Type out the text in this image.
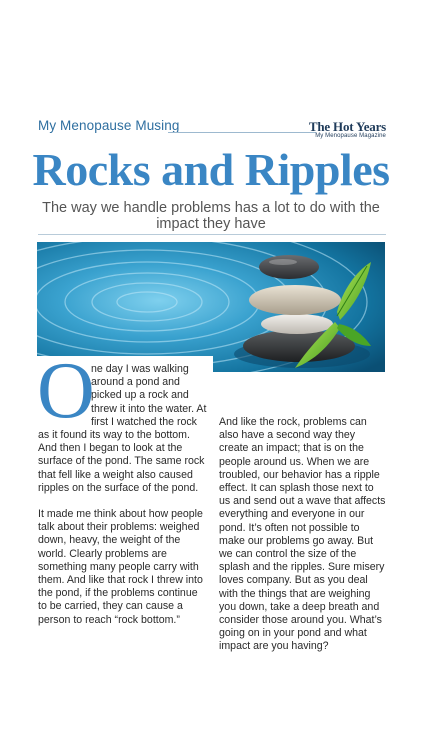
My Menopause Musing	The Hot Years
My Menopause Magazine
Rocks and Ripples
The way we handle problems has a lot to do with the impact they have
O
ne day I was walking around a pond and picked up a rock and threw it into the water. At first I watched the rock

as it found its way to the bottom. And then I began to look at the surface of the pond. The same rock that fell like a weight also caused ripples on the surface of the pond.

It made me think about how people talk about their problems: weighed down, heavy, the weight of the world. Clearly problems are something many people carry with them. And like that rock I threw into the pond, if the problems continue to be carried, they can cause a person to reach “rock bottom.”

And like the rock, problems can also have a second way they create an impact; that is on the people around us. When we are troubled, our behavior has a ripple effect. It can splash those next to us and send out a wave that affects everything and everyone in our pond. It’s often not possible to make our problems go away. But we can control the size of the splash and the ripples. Sure misery loves company. But as you deal with the things that are weighing you down, take a deep breath and consider those around you. What’s going on in your pond and what impact are you having?
